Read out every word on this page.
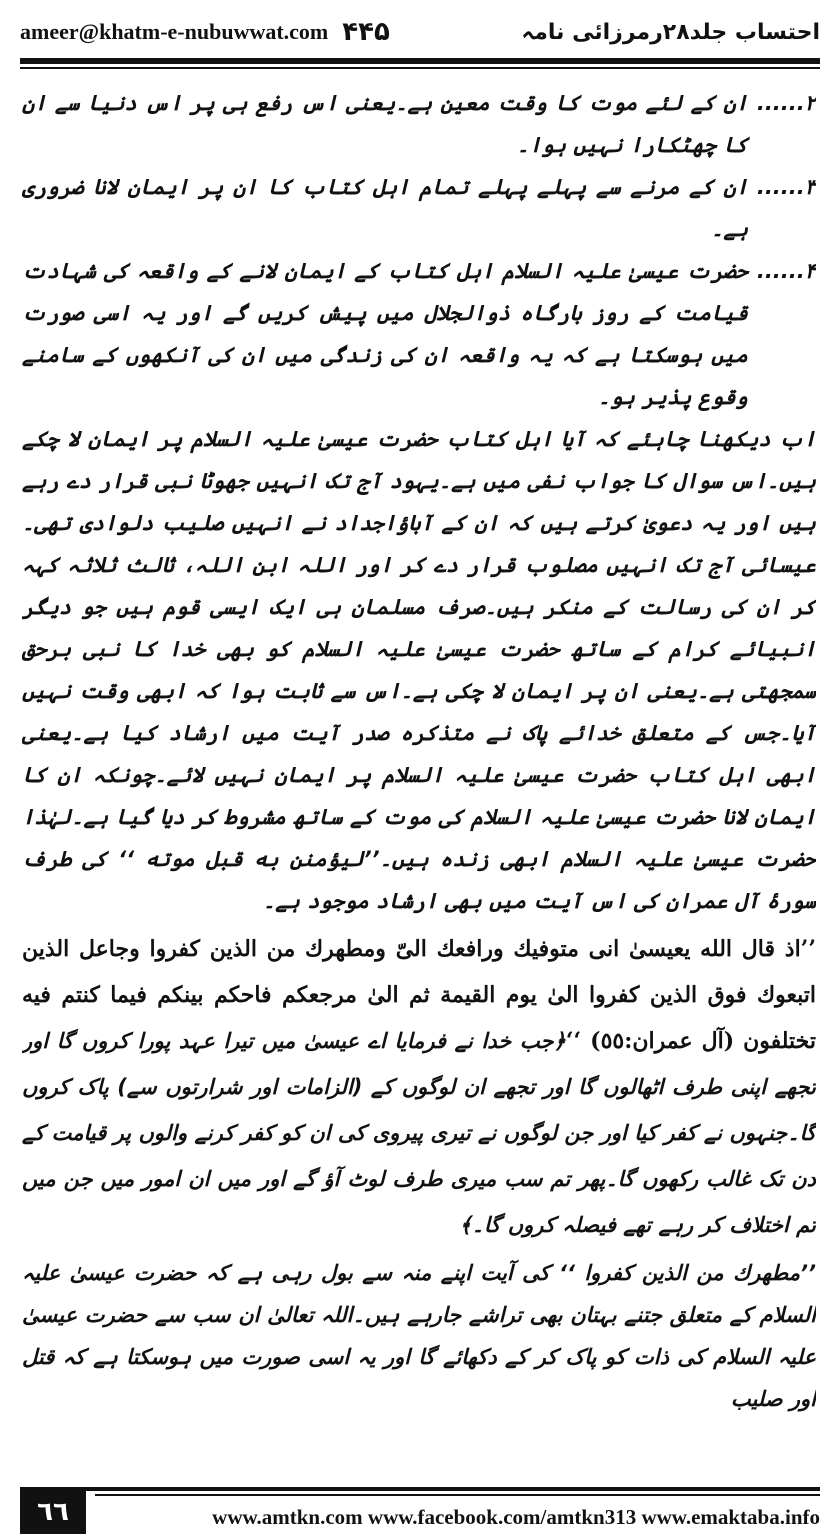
ameer@khatm-e-nubuwwat.com ۴۴۵	احتساب جلد۲۸رمرزائی نامہ
۲......
ان کے لئے موت کا وقت معین ہے۔یعنی اس رفع ہی پر اس دنیا سے ان کا چھٹکارا نہیں ہوا۔
۳......
ان کے مرنے سے پہلے پہلے تمام اہل کتاب کا ان پر ایمان لانا ضروری ہے۔
۴......
حضرت عیسیٰ علیہ السلام اہل کتاب کے ایمان لانے کے واقعہ کی شہادت قیامت کے روز بارگاہ ذوالجلال میں پیش کریں گے اور یہ اسی صورت میں ہوسکتا ہے کہ یہ واقعہ ان کی زندگی میں ان کی آنکھوں کے سامنے وقوع پذیر ہو۔

اب دیکھنا چاہئے کہ آیا اہل کتاب حضرت عیسیٰ علیہ السلام پر ایمان لا چکے ہیں۔اس سوال کا جواب نفی میں ہے۔یہود آج تک انہیں جھوٹا نبی قرار دے رہے ہیں اور یہ دعویٰ کرتے ہیں کہ ان کے آباؤاجداد نے انہیں صلیب دلوادی تھی۔عیسائی آج تک انہیں مصلوب قرار دے کر اور اللہ ابن اللہ، ثالث ثلاثہ کہہ کر ان کی رسالت کے منکر ہیں۔صرف مسلمان ہی ایک ایسی قوم ہیں جو دیگر انبیائے کرام کے ساتھ حضرت عیسیٰ علیہ السلام کو بھی خدا کا نبی برحق سمجھتی ہے۔یعنی ان پر ایمان لا چکی ہے۔اس سے ثابت ہوا کہ ابھی وقت نہیں آیا۔جس کے متعلق خدائے پاک نے متذکرہ صدر آیت میں ارشاد کیا ہے۔یعنی ابھی اہل کتاب حضرت عیسیٰ علیہ السلام پر ایمان نہیں لائے۔چونکہ ان کا ایمان لانا حضرت عیسیٰ علیہ السلام کی موت کے ساتھ مشروط کر دیا گیا ہے۔لہٰذا حضرت عیسیٰ علیہ السلام ابھی زندہ ہیں۔’’لیؤمنن به قبل موته ‘‘ کی طرف سورۂ آل عمران کی اس آیت میں بھی ارشاد موجود ہے۔

’’اذ قال الله يعيسىٰ انى متوفيك ورافعك الىّ ومطهرك من الذين كفروا وجاعل الذين اتبعوك فوق الذين كفروا الىٰ يوم القيمة ثم الىٰ مرجعكم فاحكم بينكم فيما كنتم فيه تختلفون (آل عمران:٥٥) ‘‘﴿جب خدا نے فرمایا اے عیسیٰ میں تیرا عہد پورا کروں گا اور تجھے اپنی طرف اٹھالوں گا اور تجھے ان لوگوں کے (الزامات اور شرارتوں سے) پاک کروں گا۔جنہوں نے کفر کیا اور جن لوگوں نے تیری پیروی کی ان کو کفر کرنے والوں پر قیامت کے دن تک غالب رکھوں گا۔پھر تم سب میری طرف لوٹ آؤ گے اور میں ان امور میں جن میں تم اختلاف کر رہے تھے فیصلہ کروں گا۔﴾

’’مطهرك من الذين كفروا ‘‘ کی آیت اپنے منہ سے بول رہی ہے کہ حضرت عیسیٰ علیہ السلام کے متعلق جتنے بہتان بھی تراشے جارہے ہیں۔اللہ تعالیٰ ان سب سے حضرت عیسیٰ علیہ السلام کی ذات کو پاک کر کے دکھائے گا اور یہ اسی صورت میں ہوسکتا ہے کہ قتل اور صلیب

٦٦	www.amtkn.com www.facebook.com/amtkn313 www.emaktaba.info
